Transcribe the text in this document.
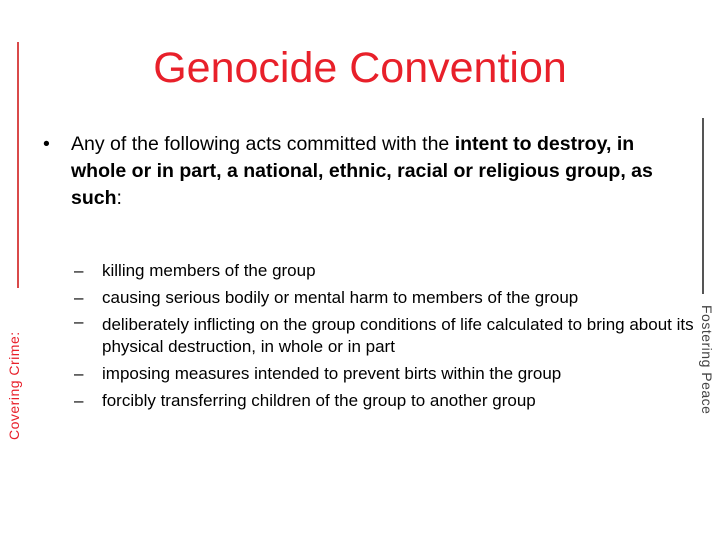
Covering Crime:	Fostering Peace
Genocide Convention
• Any of the following acts committed with the intent to destroy, in whole or in part, a national, ethnic, racial or religious group, as such:
– killing members of the group
– causing serious bodily or mental harm to members of the group
– deliberately inflicting on the group conditions of life calculated to bring about its physical destruction, in whole or in part
– imposing measures intended to prevent birts within the group
– forcibly transferring children of the group to another group
